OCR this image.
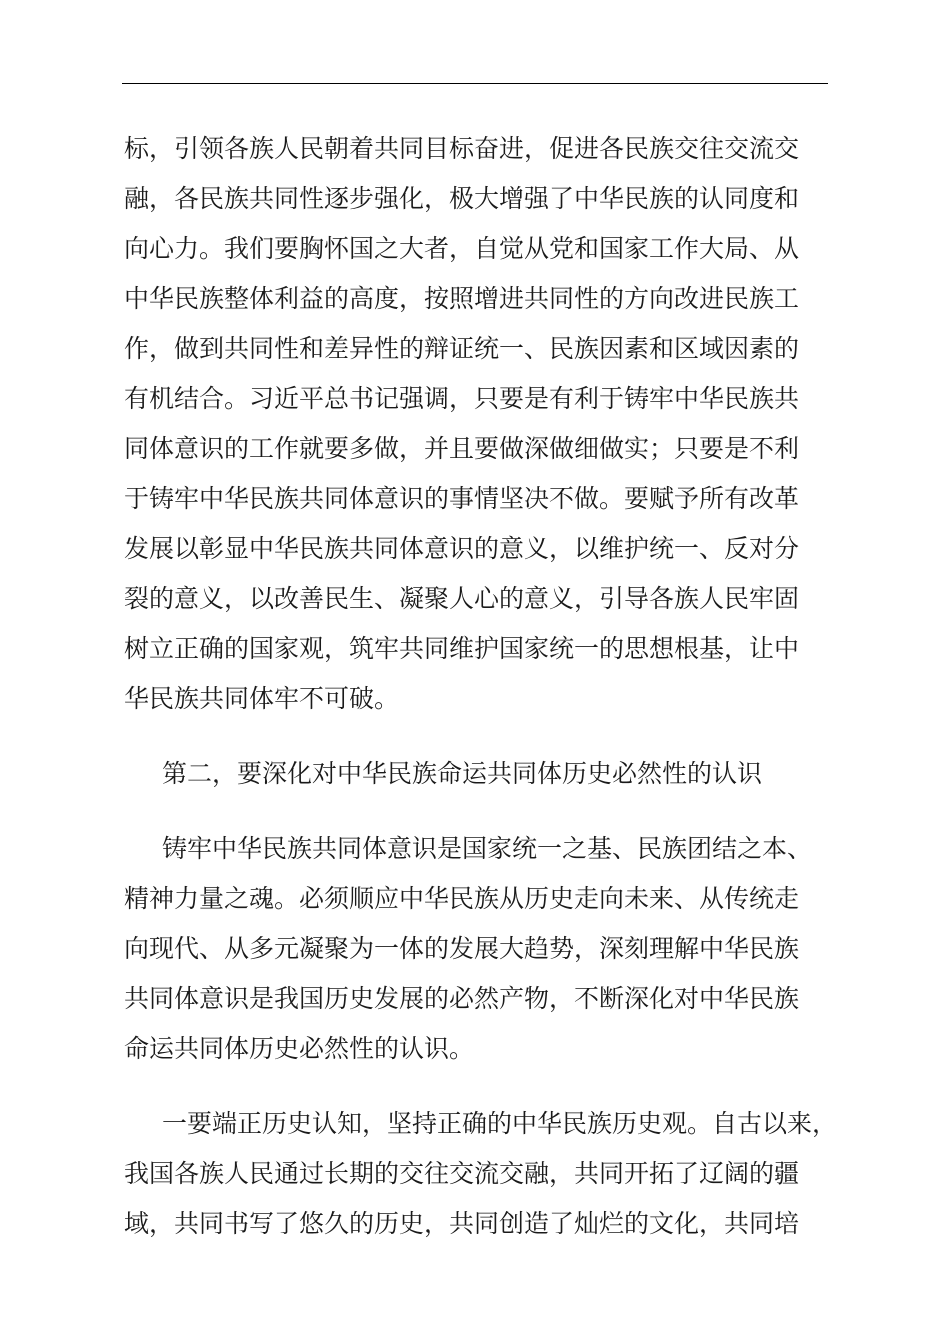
标，引领各族人民朝着共同目标奋进，促进各民族交往交流交
融，各民族共同性逐步强化，极大增强了中华民族的认同度和
向心力。我们要胸怀国之大者，自觉从党和国家工作大局、从
中华民族整体利益的高度，按照增进共同性的方向改进民族工
作，做到共同性和差异性的辩证统一、民族因素和区域因素的
有机结合。习近平总书记强调，只要是有利于铸牢中华民族共
同体意识的工作就要多做，并且要做深做细做实；只要是不利
于铸牢中华民族共同体意识的事情坚决不做。要赋予所有改革
发展以彰显中华民族共同体意识的意义，以维护统一、反对分
裂的意义，以改善民生、凝聚人心的意义，引导各族人民牢固
树立正确的国家观，筑牢共同维护国家统一的思想根基，让中
华民族共同体牢不可破。
第二，要深化对中华民族命运共同体历史必然性的认识
铸牢中华民族共同体意识是国家统一之基、民族团结之本、
精神力量之魂。必须顺应中华民族从历史走向未来、从传统走
向现代、从多元凝聚为一体的发展大趋势，深刻理解中华民族
共同体意识是我国历史发展的必然产物，不断深化对中华民族
命运共同体历史必然性的认识。
一要端正历史认知，坚持正确的中华民族历史观。自古以来，
我国各族人民通过长期的交往交流交融，共同开拓了辽阔的疆
域，共同书写了悠久的历史，共同创造了灿烂的文化，共同培
